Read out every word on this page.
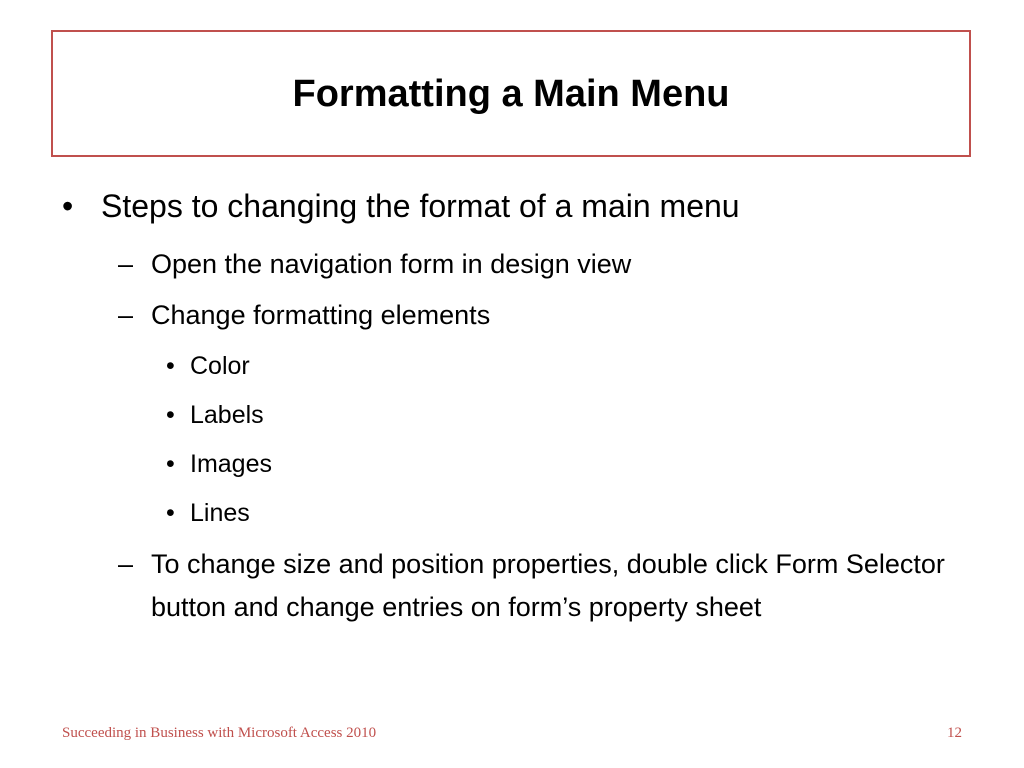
Formatting a Main Menu
• Steps to changing the format of a main menu
– Open the navigation form in design view
– Change formatting elements
• Color
• Labels
• Images
• Lines
– To change size and position properties, double click Form Selector button and change entries on form’s property sheet
Succeeding in Business with Microsoft Access 2010	12
